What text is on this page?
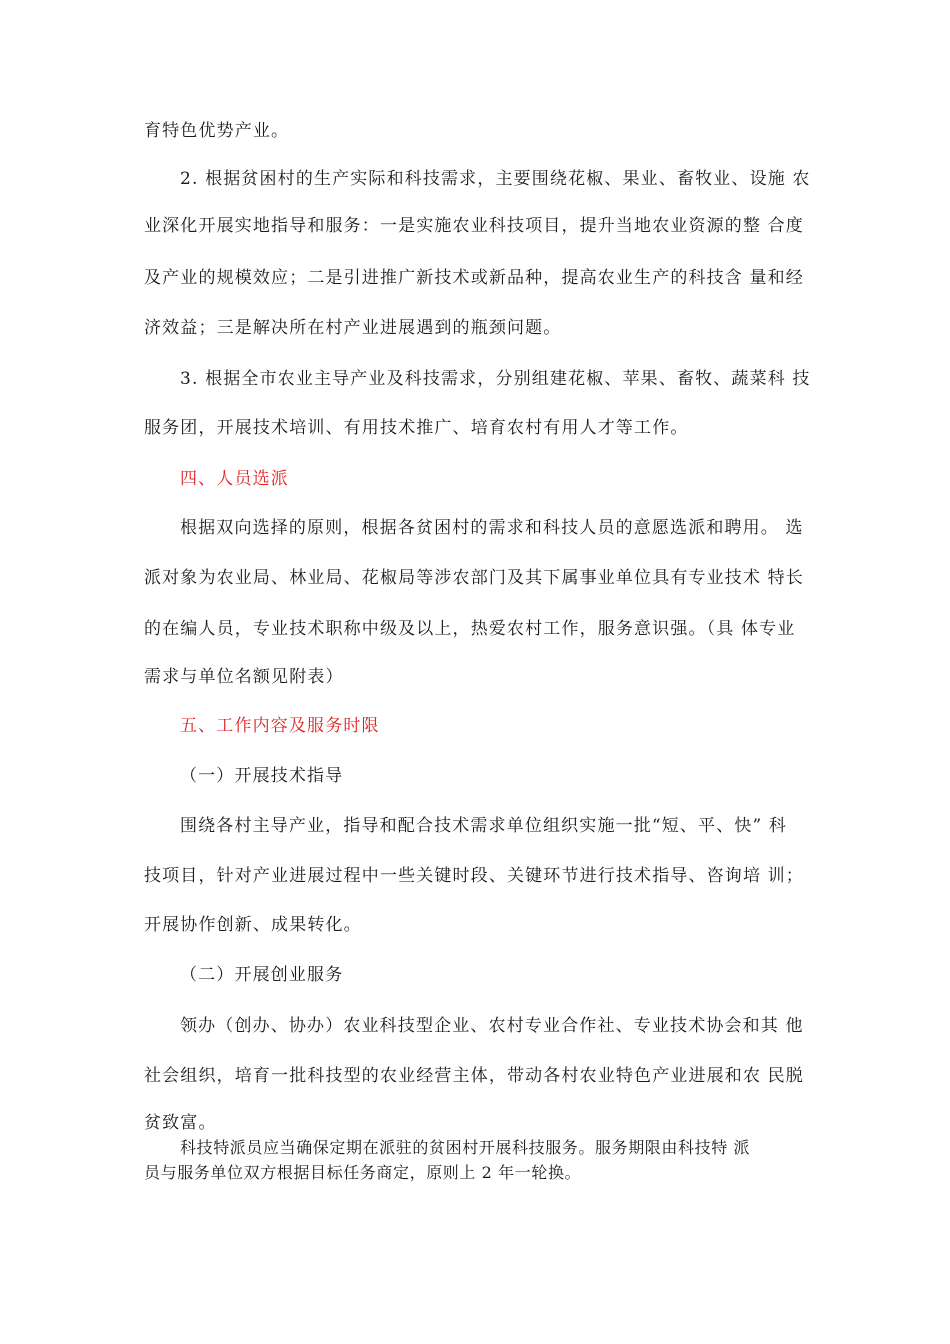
育特色优势产业。
2. 根据贫困村的生产实际和科技需求，主要围绕花椒、果业、畜牧业、设施 农
业深化开展实地指导和服务：一是实施农业科技项目，提升当地农业资源的整 合度
及产业的规模效应；二是引进推广新技术或新品种，提高农业生产的科技含 量和经
济效益；三是解决所在村产业进展遇到的瓶颈问题。
3. 根据全市农业主导产业及科技需求，分别组建花椒、苹果、畜牧、蔬菜科 技
服务团，开展技术培训、有用技术推广、培育农村有用人才等工作。
四、人员选派
根据双向选择的原则，根据各贫困村的需求和科技人员的意愿选派和聘用。 选
派对象为农业局、林业局、花椒局等涉农部门及其下属事业单位具有专业技术 特长
的在编人员，专业技术职称中级及以上，热爱农村工作，服务意识强。（具 体专业
需求与单位名额见附表）
五、工作内容及服务时限
（一）开展技术指导
围绕各村主导产业，指导和配合技术需求单位组织实施一批“短、平、快” 科
技项目，针对产业进展过程中一些关键时段、关键环节进行技术指导、咨询培 训；
开展协作创新、成果转化。
（二）开展创业服务
领办（创办、协办）农业科技型企业、农村专业合作社、专业技术协会和其 他
社会组织，培育一批科技型的农业经营主体，带动各村农业特色产业进展和农 民脱
贫致富。
科技特派员应当确保定期在派驻的贫困村开展科技服务。服务期限由科技特 派
员与服务单位双方根据目标任务商定，原则上 2 年一轮换。
